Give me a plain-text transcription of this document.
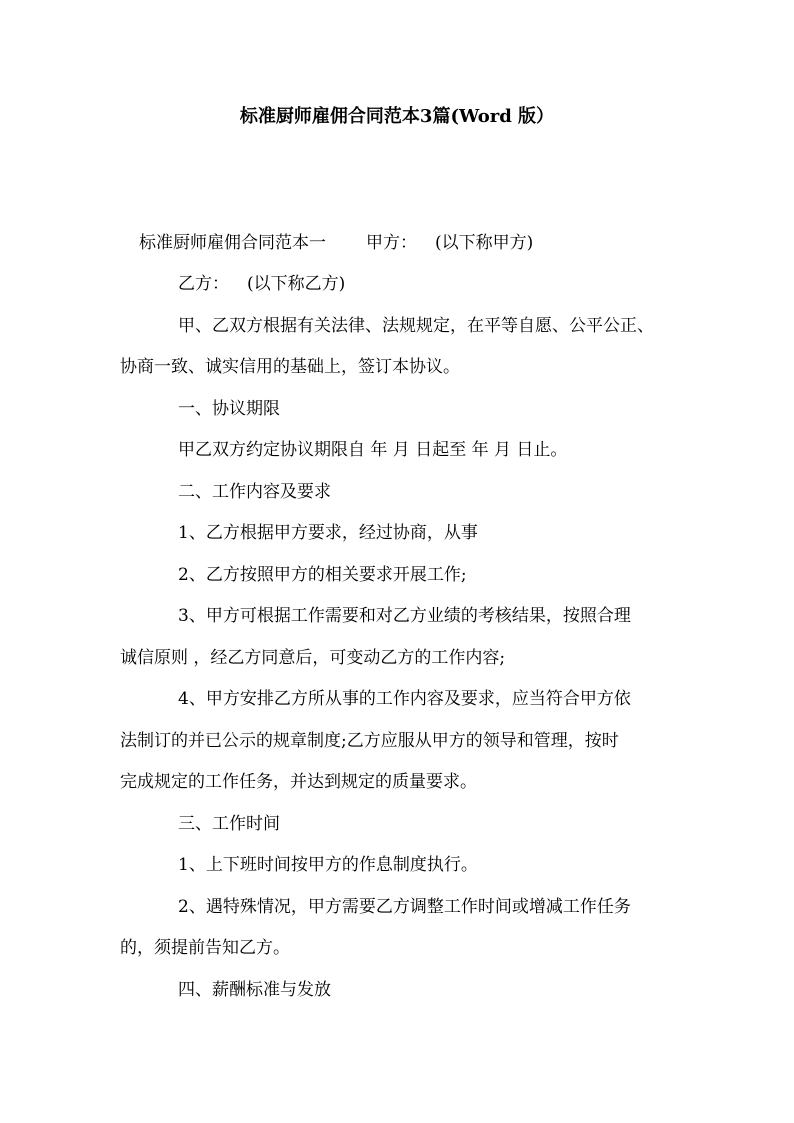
标准厨师雇佣合同范本3篇(Word 版）
标准厨师雇佣合同范本一 甲方： (以下称甲方)
乙方： (以下称乙方)
甲、乙双方根据有关法律、法规规定，在平等自愿、公平公正、
协商一致、诚实信用的基础上，签订本协议。
一、协议期限
甲乙双方约定协议期限自 年 月 日起至 年 月 日止。
二、工作内容及要求
1、乙方根据甲方要求，经过协商，从事
2、乙方按照甲方的相关要求开展工作;
3、甲方可根据工作需要和对乙方业绩的考核结果，按照合理
诚信原则 ，经乙方同意后，可变动乙方的工作内容;
4、甲方安排乙方所从事的工作内容及要求，应当符合甲方依
法制订的并已公示的规章制度;乙方应服从甲方的领导和管理，按时
完成规定的工作任务，并达到规定的质量要求。
三、工作时间
1、上下班时间按甲方的作息制度执行。
2、遇特殊情况，甲方需要乙方调整工作时间或增减工作任务
的，须提前告知乙方。
四、薪酬标准与发放
